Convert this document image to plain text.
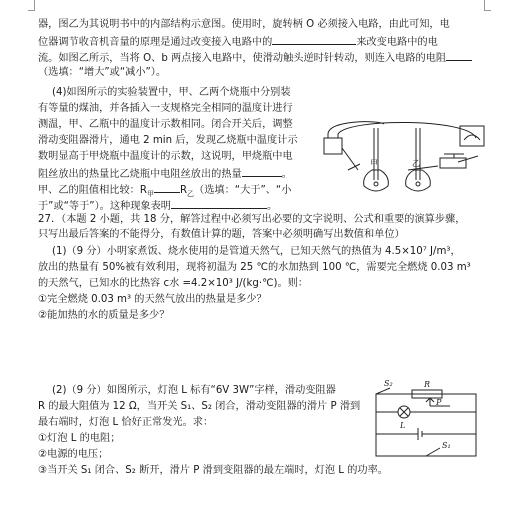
器，图乙为其说明书中的内部结构示意图。使用时，旋转柄 O 必须接入电路，由此可知，电
位器调节收音机音量的原理是通过改变接入电路中的	来改变电路中的电
流。如图乙所示，当将 O、b 两点接入电路中，使滑动触头逆时针转动，则连入电路的电阻
（选填：“增大”或“减小”）。
(4)如图所示的实验装置中，甲、乙两个烧瓶中分别装
有等量的煤油，并各插入一支规格完全相同的温度计进行
测温，甲、乙瓶中的温度计示数相同。闭合开关后，调整
滑动变阻器滑片，通电 2 min 后，发现乙烧瓶中温度计示
数明显高于甲烧瓶中温度计的示数，这说明，甲烧瓶中电
阻丝放出的热量比乙烧瓶中电阻丝放出的热量	。
甲、乙的阻值相比较：$R_甲$	$R_乙$（选填：“大于”、“小
于”或“等于”）。这种现象表明	。
甲	乙
27．（本题 2 小题，共 18 分，解答过程中必须写出必要的文字说明、公式和重要的演算步骤，
只写出最后答案的不能得分，有数值计算的题，答案中必须明确写出数值和单位）
(1)（9 分）小明家煮饭、烧水使用的是管道天然气，已知天然气的热值为 4.5×10⁷ J/m³，
放出的热量有 50%被有效利用，现将初温为 25 ℃的水加热到 100 ℃，需要完全燃烧 0.03 m³
的天然气，已知水的比热容 c水 =4.2×10³ J/(kg·℃)。则：
①完全燃烧 0.03 m³ 的天然气放出的热量是多少？
②能加热的水的质量是多少？
(2)（9 分）如图所示，灯泡 L 标有“6V 3W”字样，滑动变阻器
R 的最大阻值为 12 Ω，当开关 S₁、S₂ 闭合，滑动变阻器的滑片 P 滑到
最右端时，灯泡 L 恰好正常发光。求：
①灯泡 L 的电阻；
②电源的电压；
③当开关 S₁ 闭合、S₂ 断开，滑片 P 滑到变阻器的最左端时，灯泡 L 的功率。
S₂	R
P
L
S₁
